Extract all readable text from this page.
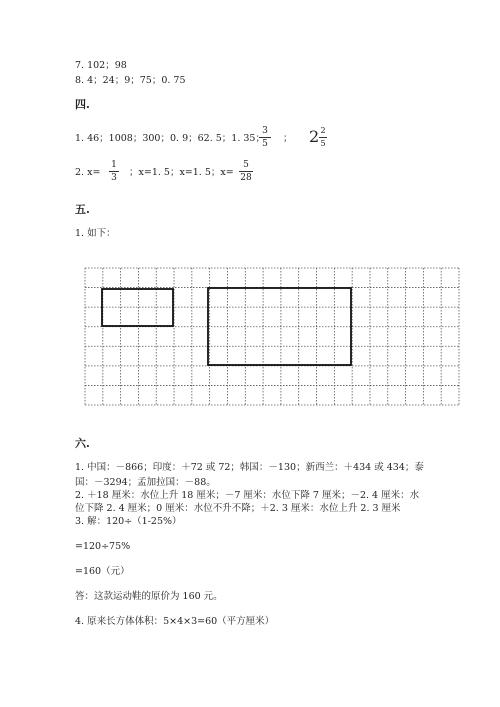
7. 102；98
8. 4；24；9；75；0. 75
四.
1. 46；1008；300；0. 9；62. 5；1. 35；
3
5	； 2 2
5
2. x=
1
3 ；x=1. 5；x=1. 5；x=
5
28
五.
1. 如下：
六.
1. 中国：－866；印度：＋72 或 72；韩国：－130；新西兰：＋434 或 434；泰
国：－3294；孟加拉国：－88。
2. ＋18 厘米：水位上升 18 厘米；－7 厘米：水位下降 7 厘米；－2. 4 厘米：水
位下降 2. 4 厘米；0 厘米：水位不升不降；＋2. 3 厘米：水位上升 2. 3 厘米
3. 解：120÷（1-25%）
=120÷75%
=160（元）
答：这款运动鞋的原价为 160 元。
4. 原来长方体体积：5×4×3=60（平方厘米）
